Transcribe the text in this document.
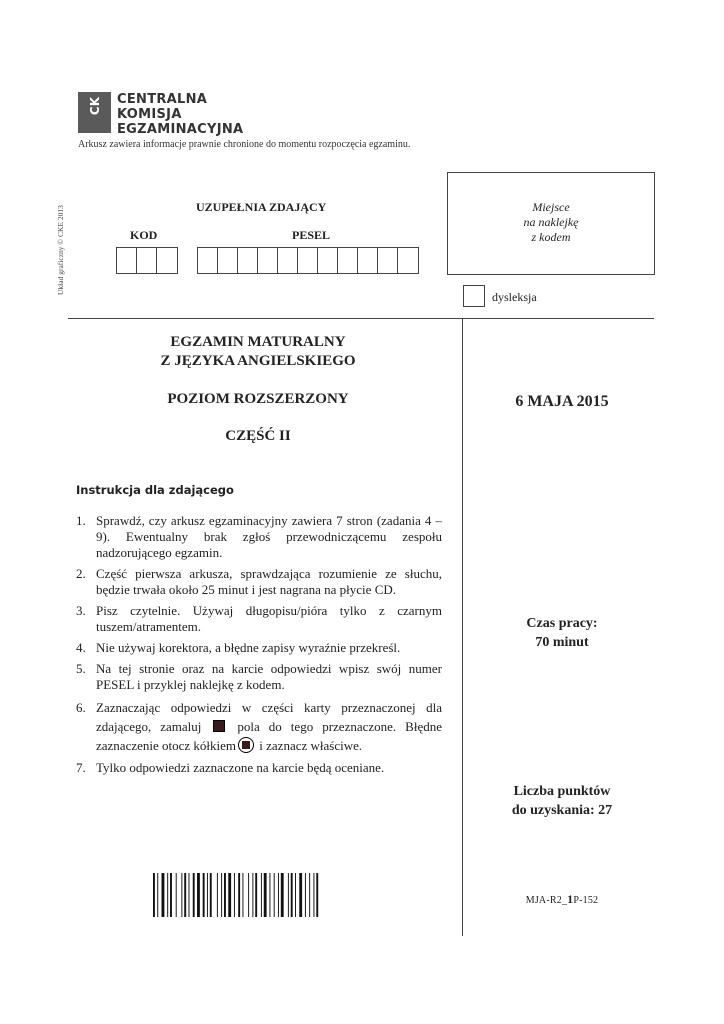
CK CENTRALNA
KOMISJA
EGZAMINACYJNA
Arkusz zawiera informacje prawnie chronione do momentu rozpoczęcia egzaminu.
Układ graficzny © CKE 2013	UZUPEŁNIA ZDAJĄCY
KOD	PESEL
Miejsce
na naklejkę
z kodem
dysleksja
EGZAMIN MATURALNY
Z JĘZYKA ANGIELSKIEGO
POZIOM ROZSZERZONY
CZĘŚĆ II
6 MAJA 2015
Czas pracy:
70 minut
Liczba punktów
do uzyskania: 27
MJA-R2_1P-152
Instrukcja dla zdającego
1. Sprawdź, czy arkusz egzaminacyjny zawiera 7 stron (zadania 4 – 9). Ewentualny brak zgłoś przewodniczącemu zespołu nadzorującego egzamin.
2. Część pierwsza arkusza, sprawdzająca rozumienie ze słuchu, będzie trwała około 25 minut i jest nagrana na płycie CD.
3. Pisz czytelnie. Używaj długopisu/pióra tylko z czarnym tuszem/atramentem.
4. Nie używaj korektora, a błędne zapisy wyraźnie przekreśl.
5. Na tej stronie oraz na karcie odpowiedzi wpisz swój numer PESEL i przyklej naklejkę z kodem.
6. Zaznaczając odpowiedzi w części karty przeznaczonej dla zdającego, zamaluj	pola do tego przeznaczone. Błędne zaznaczenie otocz kółkiem i zaznacz właściwe.
7. Tylko odpowiedzi zaznaczone na karcie będą oceniane.
